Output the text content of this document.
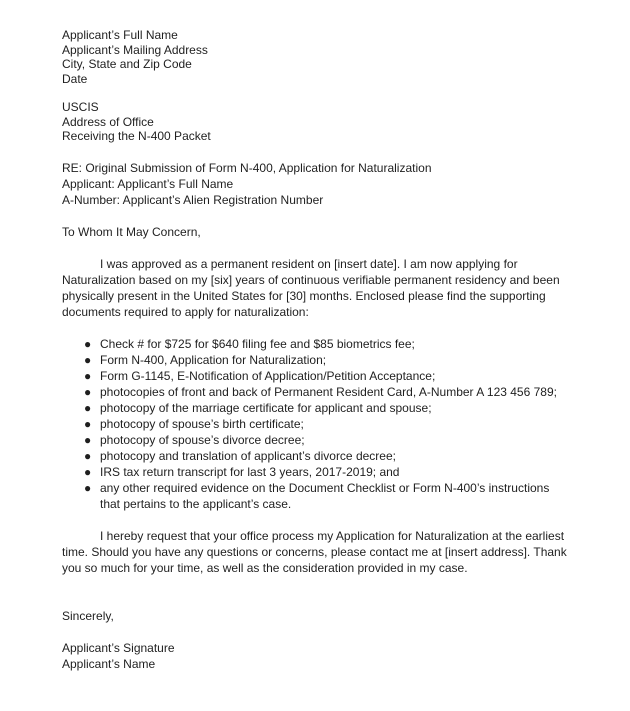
Applicant’s Full Name
Applicant’s Mailing Address
City, State and Zip Code
Date
USCIS
Address of Office
Receiving the N-400 Packet
RE: Original Submission of Form N-400, Application for Naturalization
Applicant: Applicant’s Full Name
A-Number: Applicant’s Alien Registration Number
To Whom It May Concern,

I was approved as a permanent resident on [insert date]. I am now applying for Naturalization based on my [six] years of continuous verifiable permanent residency and been physically present in the United States for [30] months. Enclosed please find the supporting documents required to apply for naturalization:

● Check # for $725 for $640 filing fee and $85 biometrics fee;
● Form N-400, Application for Naturalization;
● Form G-1145, E-Notification of Application/Petition Acceptance;
● photocopies of front and back of Permanent Resident Card, A-Number A 123 456 789;
● photocopy of the marriage certificate for applicant and spouse;
● photocopy of spouse’s birth certificate;
● photocopy of spouse’s divorce decree;
● photocopy and translation of applicant’s divorce decree;
● IRS tax return transcript for last 3 years, 2017-2019; and
● any other required evidence on the Document Checklist or Form N-400’s instructions that pertains to the applicant’s case.

I hereby request that your office process my Application for Naturalization at the earliest time. Should you have any questions or concerns, please contact me at [insert address]. Thank you so much for your time, as well as the consideration provided in my case.

Sincerely,
Applicant’s Signature
Applicant’s Name
